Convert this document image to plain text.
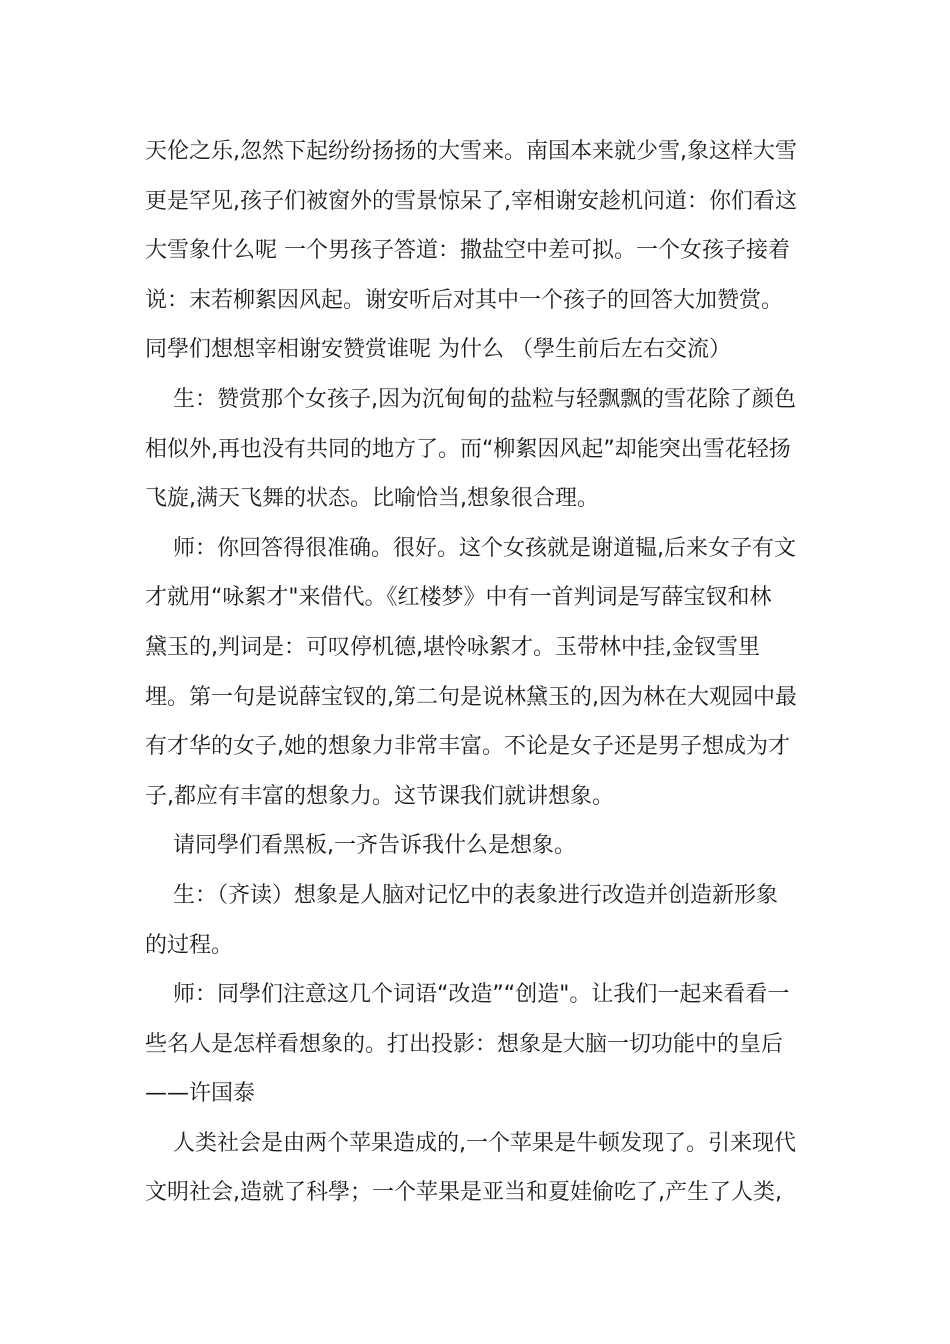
天伦之乐,忽然下起纷纷扬扬的大雪来。南国本来就少雪,象这样大雪
更是罕见,孩子们被窗外的雪景惊呆了,宰相谢安趁机问道：你们看这
大雪象什么呢 一个男孩子答道：撒盐空中差可拟。一个女孩子接着
说：末若柳絮因风起。谢安听后对其中一个孩子的回答大加赞赏。
同學们想想宰相谢安赞赏谁呢 为什么 （學生前后左右交流）
生：赞赏那个女孩子,因为沉甸甸的盐粒与轻飘飘的雪花除了颜色
相似外,再也没有共同的地方了。而“柳絮因风起”却能突出雪花轻扬
飞旋,满天飞舞的状态。比喻恰当,想象很合理。
师：你回答得很准确。很好。这个女孩就是谢道韫,后来女子有文
才就用“咏絮才"来借代。《红楼梦》中有一首判词是写薛宝钗和林
黛玉的,判词是：可叹停机德,堪怜咏絮才。玉带林中挂,金钗雪里
埋。第一句是说薛宝钗的,第二句是说林黛玉的,因为林在大观园中最
有才华的女子,她的想象力非常丰富。不论是女子还是男子想成为才
子,都应有丰富的想象力。这节课我们就讲想象。
请同學们看黑板,一齐告诉我什么是想象。
生：（齐读）想象是人脑对记忆中的表象进行改造并创造新形象
的过程。
师：同學们注意这几个词语“改造”“创造"。让我们一起来看看一
些名人是怎样看想象的。打出投影：想象是大脑一切功能中的皇后
——许国泰
人类社会是由两个苹果造成的,一个苹果是牛顿发现了。引来现代
文明社会,造就了科學；一个苹果是亚当和夏娃偷吃了,产生了人类,
